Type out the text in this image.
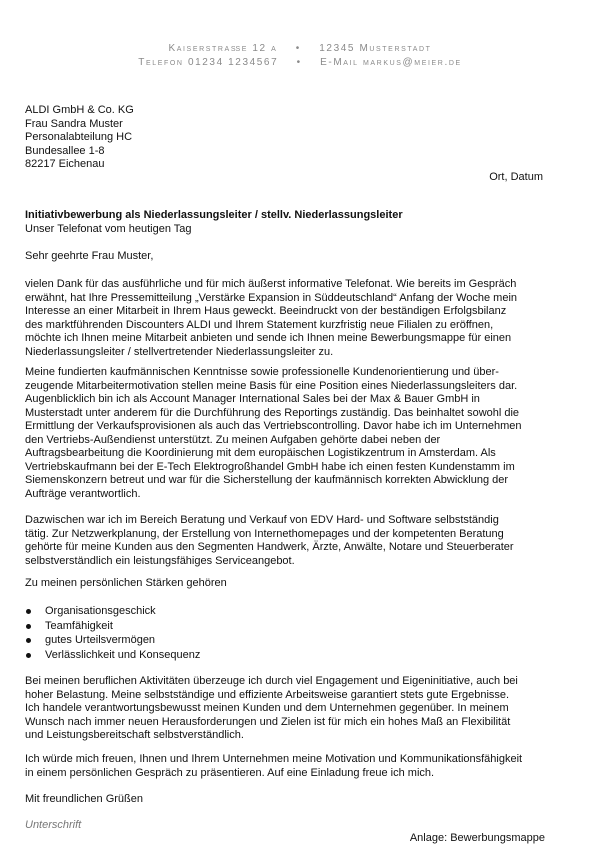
Kaiserstraße 12 a • 12345 Musterstadt
Telefon 01234 1234567 • E-Mail markus@meier.de
ALDI GmbH & Co. KG
Frau Sandra Muster
Personalabteilung HC
Bundesallee 1-8
82217 Eichenau
Ort, Datum
Initiativbewerbung als Niederlassungsleiter / stellv. Niederlassungsleiter
Unser Telefonat vom heutigen Tag
Sehr geehrte Frau Muster,
vielen Dank für das ausführliche und für mich äußerst informative Telefonat. Wie bereits im Gespräch
erwähnt, hat Ihre Pressemitteilung „Verstärke Expansion in Süddeutschland“ Anfang der Woche mein
Interesse an einer Mitarbeit in Ihrem Haus geweckt. Beeindruckt von der beständigen Erfolgsbilanz
des marktführenden Discounters ALDI und Ihrem Statement kurzfristig neue Filialen zu eröffnen,
möchte ich Ihnen meine Mitarbeit anbieten und sende ich Ihnen meine Bewerbungsmappe für einen
Niederlassungsleiter / stellvertretender Niederlassungsleiter zu.
Meine fundierten kaufmännischen Kenntnisse sowie professionelle Kundenorientierung und über-
zeugende Mitarbeitermotivation stellen meine Basis für eine Position eines Niederlassungsleiters dar.
Augenblicklich bin ich als Account Manager International Sales bei der Max & Bauer GmbH in
Musterstadt unter anderem für die Durchführung des Reportings zuständig. Das beinhaltet sowohl die
Ermittlung der Verkaufsprovisionen als auch das Vertriebscontrolling. Davor habe ich im Unternehmen
den Vertriebs-Außendienst unterstützt. Zu meinen Aufgaben gehörte dabei neben der
Auftragsbearbeitung die Koordinierung mit dem europäischen Logistikzentrum in Amsterdam. Als
Vertriebskaufmann bei der E-Tech Elektrogroßhandel GmbH habe ich einen festen Kundenstamm im
Siemenskonzern betreut und war für die Sicherstellung der kaufmännisch korrekten Abwicklung der
Aufträge verantwortlich.
Dazwischen war ich im Bereich Beratung und Verkauf von EDV Hard- und Software selbstständig
tätig. Zur Netzwerkplanung, der Erstellung von Internethomepages und der kompetenten Beratung
gehörte für meine Kunden aus den Segmenten Handwerk, Ärzte, Anwälte, Notare und Steuerberater
selbstverständlich ein leistungsfähiges Serviceangebot.
Zu meinen persönlichen Stärken gehören
Organisationsgeschick
Teamfähigkeit
gutes Urteilsvermögen
Verlässlichkeit und Konsequenz
Bei meinen beruflichen Aktivitäten überzeuge ich durch viel Engagement und Eigeninitiative, auch bei
hoher Belastung. Meine selbstständige und effiziente Arbeitsweise garantiert stets gute Ergebnisse.
Ich handele verantwortungsbewusst meinen Kunden und dem Unternehmen gegenüber. In meinem
Wunsch nach immer neuen Herausforderungen und Zielen ist für mich ein hohes Maß an Flexibilität
und Leistungsbereitschaft selbstverständlich.
Ich würde mich freuen, Ihnen und Ihrem Unternehmen meine Motivation und Kommunikationsfähigkeit
in einem persönlichen Gespräch zu präsentieren. Auf eine Einladung freue ich mich.
Mit freundlichen Grüßen
Unterschrift
Anlage: Bewerbungsmappe
